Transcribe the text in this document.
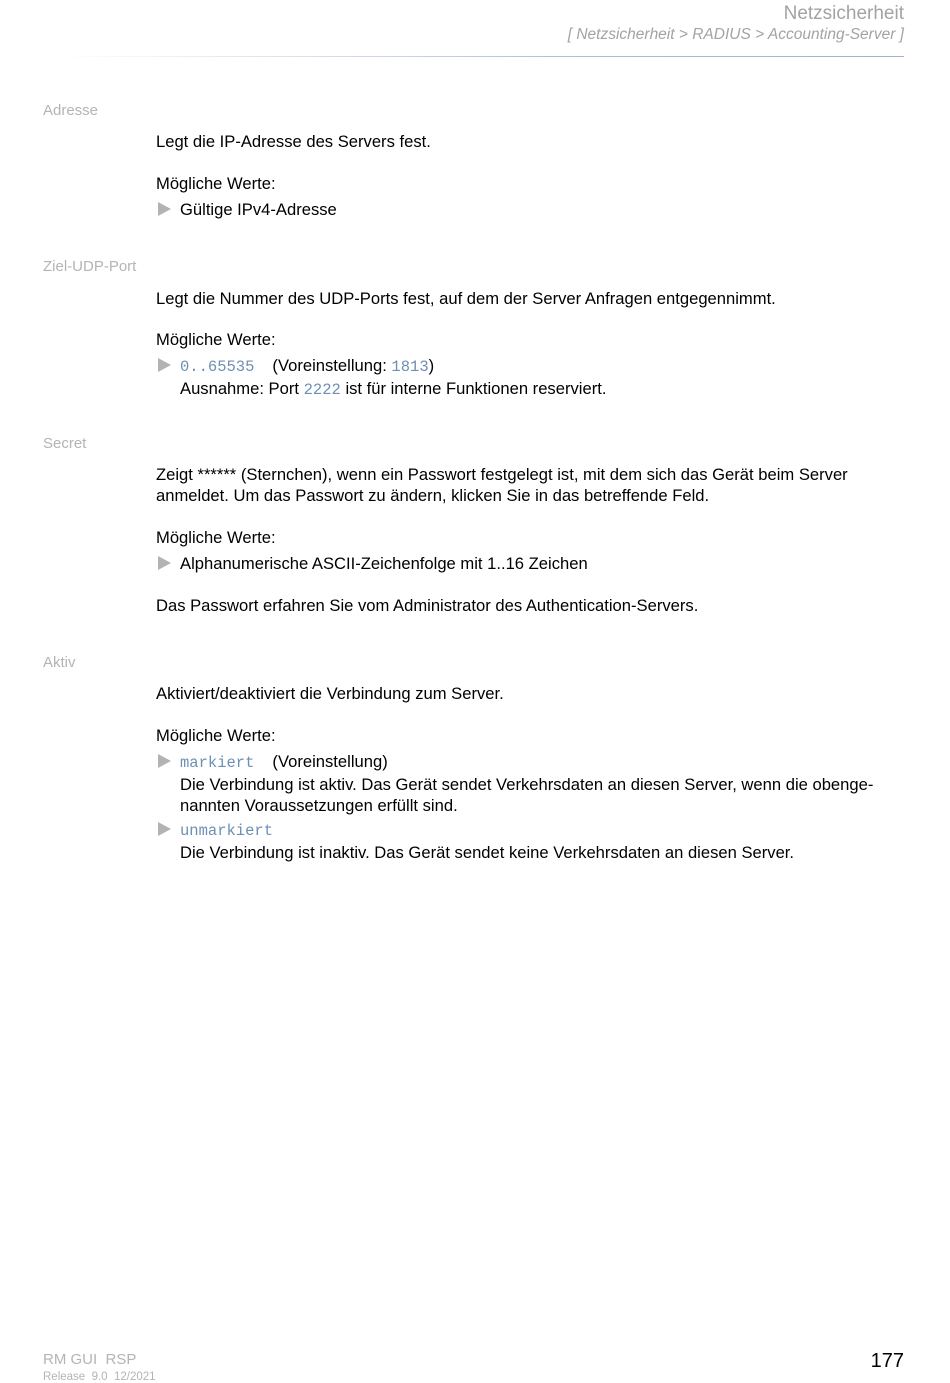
Netzsicherheit
[ Netzsicherheit > RADIUS > Accounting-Server ]
Adresse
Legt die IP-Adresse des Servers fest.
Mögliche Werte:
Gültige IPv4-Adresse
Ziel-UDP-Port
Legt die Nummer des UDP-Ports fest, auf dem der Server Anfragen entgegennimmt.
Mögliche Werte:
0..65535 (Voreinstellung: 1813)
Ausnahme: Port 2222 ist für interne Funktionen reserviert.
Secret
Zeigt ****** (Sternchen), wenn ein Passwort festgelegt ist, mit dem sich das Gerät beim Server
anmeldet. Um das Passwort zu ändern, klicken Sie in das betreffende Feld.
Mögliche Werte:
Alphanumerische ASCII-Zeichenfolge mit 1..16 Zeichen
Das Passwort erfahren Sie vom Administrator des Authentication-Servers.
Aktiv
Aktiviert/deaktiviert die Verbindung zum Server.
Mögliche Werte:
markiert (Voreinstellung)
Die Verbindung ist aktiv. Das Gerät sendet Verkehrsdaten an diesen Server, wenn die obenge-
nannten Voraussetzungen erfüllt sind.
unmarkiert
Die Verbindung ist inaktiv. Das Gerät sendet keine Verkehrsdaten an diesen Server.
RM GUI  RSP
Release  9.0  12/2021
177
